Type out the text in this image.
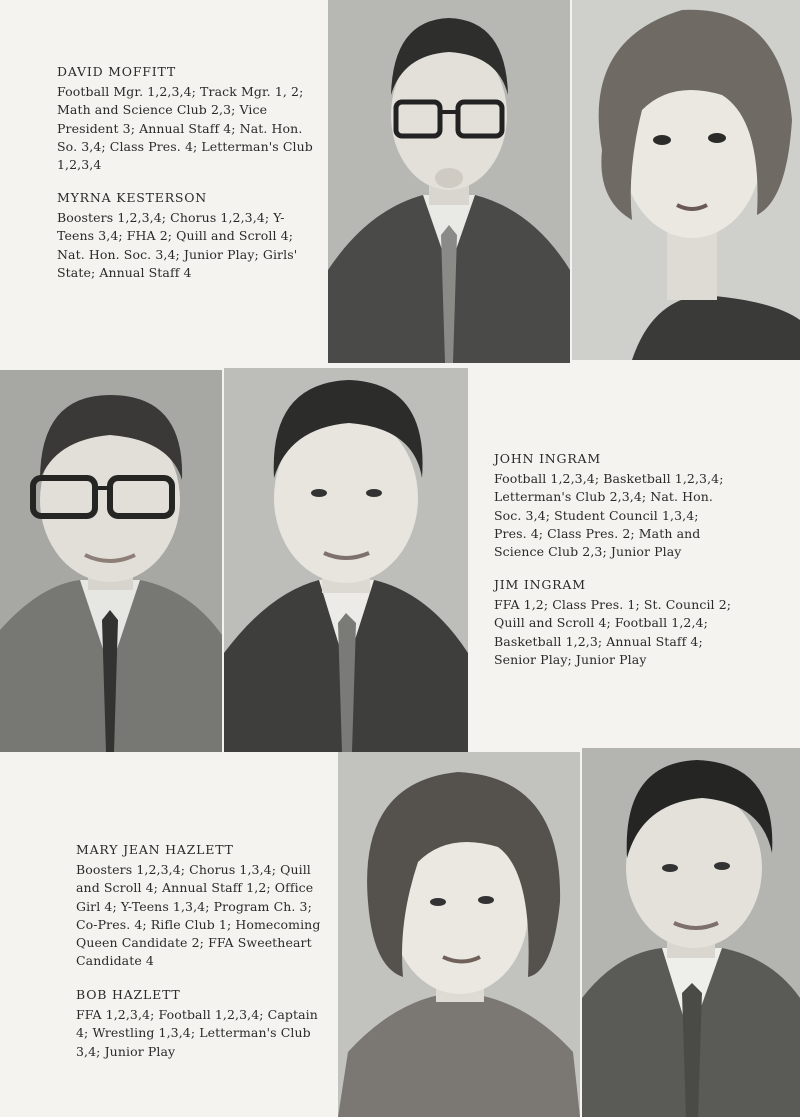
DAVID MOFFITT
Football Mgr. 1,2,3,4; Track Mgr. 1, 2; Math and Science Club 2,3; Vice President 3; Annual Staff 4; Nat. Hon. So. 3,4; Class Pres. 4; Letterman's Club 1,2,3,4
MYRNA KESTERSON
Boosters 1,2,3,4; Chorus 1,2,3,4; Y-Teens 3,4; FHA 2; Quill and Scroll 4; Nat. Hon. Soc. 3,4; Junior Play; Girls' State; Annual Staff 4
JOHN INGRAM
Football 1,2,3,4; Basketball 1,2,3,4; Letterman's Club 2,3,4; Nat. Hon. Soc. 3,4; Student Council 1,3,4; Pres. 4; Class Pres. 2; Math and Science Club 2,3; Junior Play
JIM INGRAM
FFA 1,2; Class Pres. 1; St. Council 2; Quill and Scroll 4; Football 1,2,4; Basketball 1,2,3; Annual Staff 4; Senior Play; Junior Play
MARY JEAN HAZLETT
Boosters 1,2,3,4; Chorus 1,3,4; Quill and Scroll 4; Annual Staff 1,2; Office Girl 4; Y-Teens 1,3,4; Program Ch. 3; Co-Pres. 4; Rifle Club 1; Homecoming Queen Candidate 2; FFA Sweetheart Candidate 4
BOB HAZLETT
FFA 1,2,3,4; Football 1,2,3,4; Captain 4; Wrestling 1,3,4; Letterman's Club 3,4; Junior Play
